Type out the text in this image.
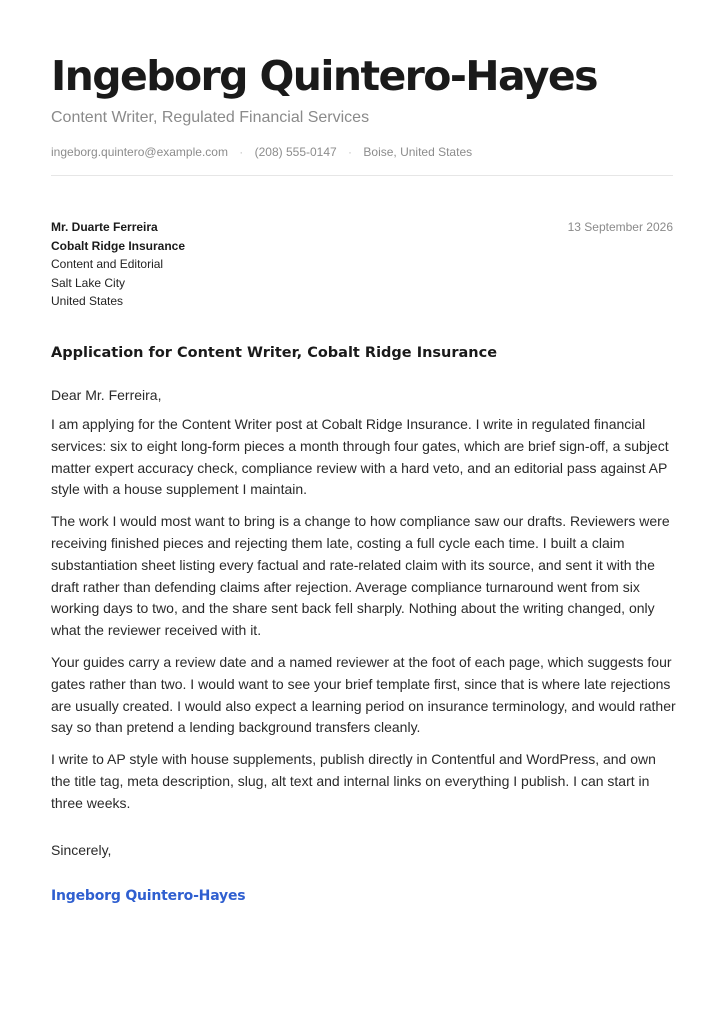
Ingeborg Quintero-Hayes
Content Writer, Regulated Financial Services
ingeborg.quintero@example.com · (208) 555-0147 · Boise, United States
Mr. Duarte Ferreira
Cobalt Ridge Insurance
Content and Editorial
Salt Lake City
United States
13 September 2026
Application for Content Writer, Cobalt Ridge Insurance
Dear Mr. Ferreira,
I am applying for the Content Writer post at Cobalt Ridge Insurance. I write in regulated financial services: six to eight long-form pieces a month through four gates, which are brief sign-off, a subject matter expert accuracy check, compliance review with a hard veto, and an editorial pass against AP style with a house supplement I maintain.
The work I would most want to bring is a change to how compliance saw our drafts. Reviewers were receiving finished pieces and rejecting them late, costing a full cycle each time. I built a claim substantiation sheet listing every factual and rate-related claim with its source, and sent it with the draft rather than defending claims after rejection. Average compliance turnaround went from six working days to two, and the share sent back fell sharply. Nothing about the writing changed, only what the reviewer received with it.
Your guides carry a review date and a named reviewer at the foot of each page, which suggests four gates rather than two. I would want to see your brief template first, since that is where late rejections are usually created. I would also expect a learning period on insurance terminology, and would rather say so than pretend a lending background transfers cleanly.
I write to AP style with house supplements, publish directly in Contentful and WordPress, and own the title tag, meta description, slug, alt text and internal links on everything I publish. I can start in three weeks.
Sincerely,
Ingeborg Quintero-Hayes
